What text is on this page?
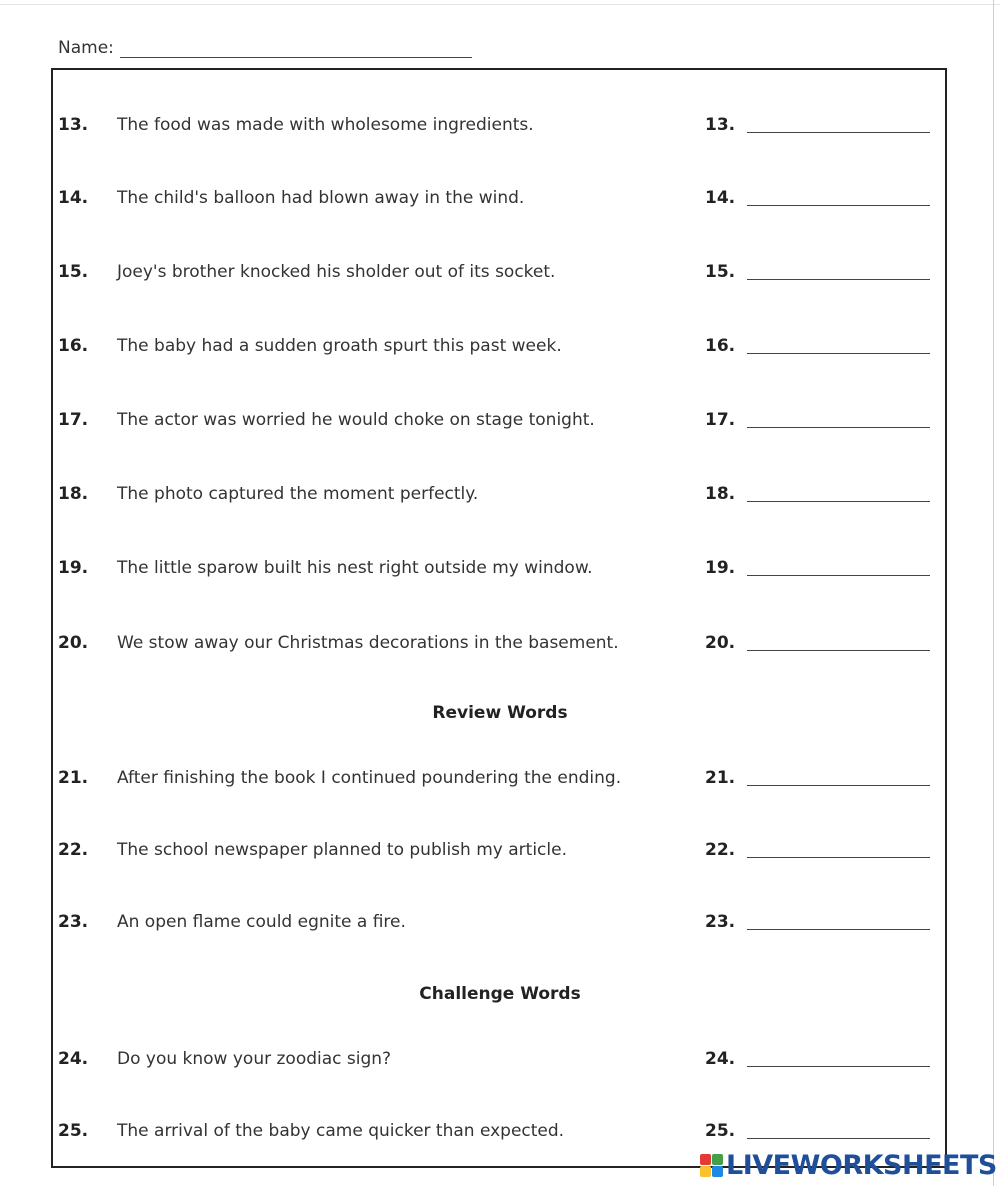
Name:
13. The food was made with wholesome ingredients.	13.
14. The child's balloon had blown away in the wind.	14.
15. Joey's brother knocked his sholder out of its socket.	15.
16. The baby had a sudden groath spurt this past week.	16.
17. The actor was worried he would choke on stage tonight.	17.
18. The photo captured the moment perfectly.	18.
19. The little sparow built his nest right outside my window.	19.
20. We stow away our Christmas decorations in the basement.	20.
Review Words
21. After finishing the book I continued poundering the ending.	21.
22. The school newspaper planned to publish my article.	22.
23. An open flame could egnite a fire.	23.
Challenge Words
24. Do you know your zoodiac sign?	24.
25. The arrival of the baby came quicker than expected.	25.
LIVEWORKSHEETS
